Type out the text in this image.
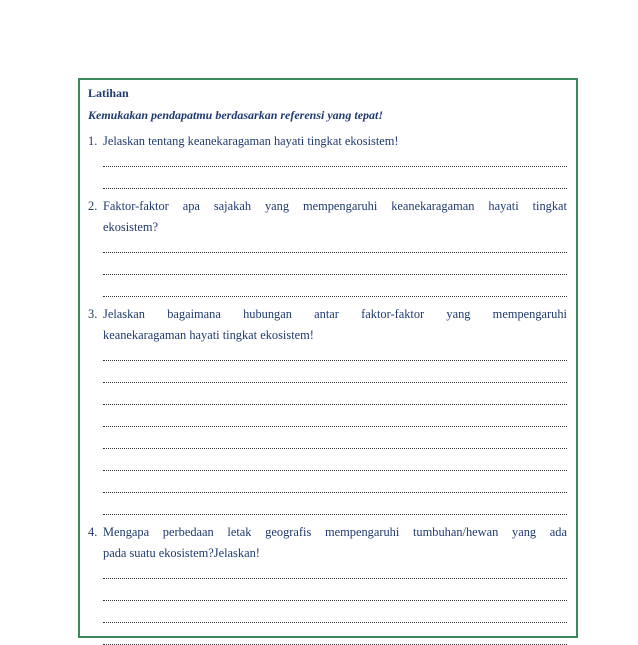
Latihan
Kemukakan pendapatmu berdasarkan referensi yang tepat!
1. Jelaskan tentang keanekaragaman hayati tingkat ekosistem!
2. Faktor-faktor apa sajakah yang mempengaruhi keanekaragaman hayati tingkat
ekosistem?
3. Jelaskan bagaimana hubungan antar faktor-faktor yang mempengaruhi
keanekaragaman hayati tingkat ekosistem!
4. Mengapa perbedaan letak geografis mempengaruhi tumbuhan/hewan yang ada
pada suatu ekosistem?Jelaskan!
